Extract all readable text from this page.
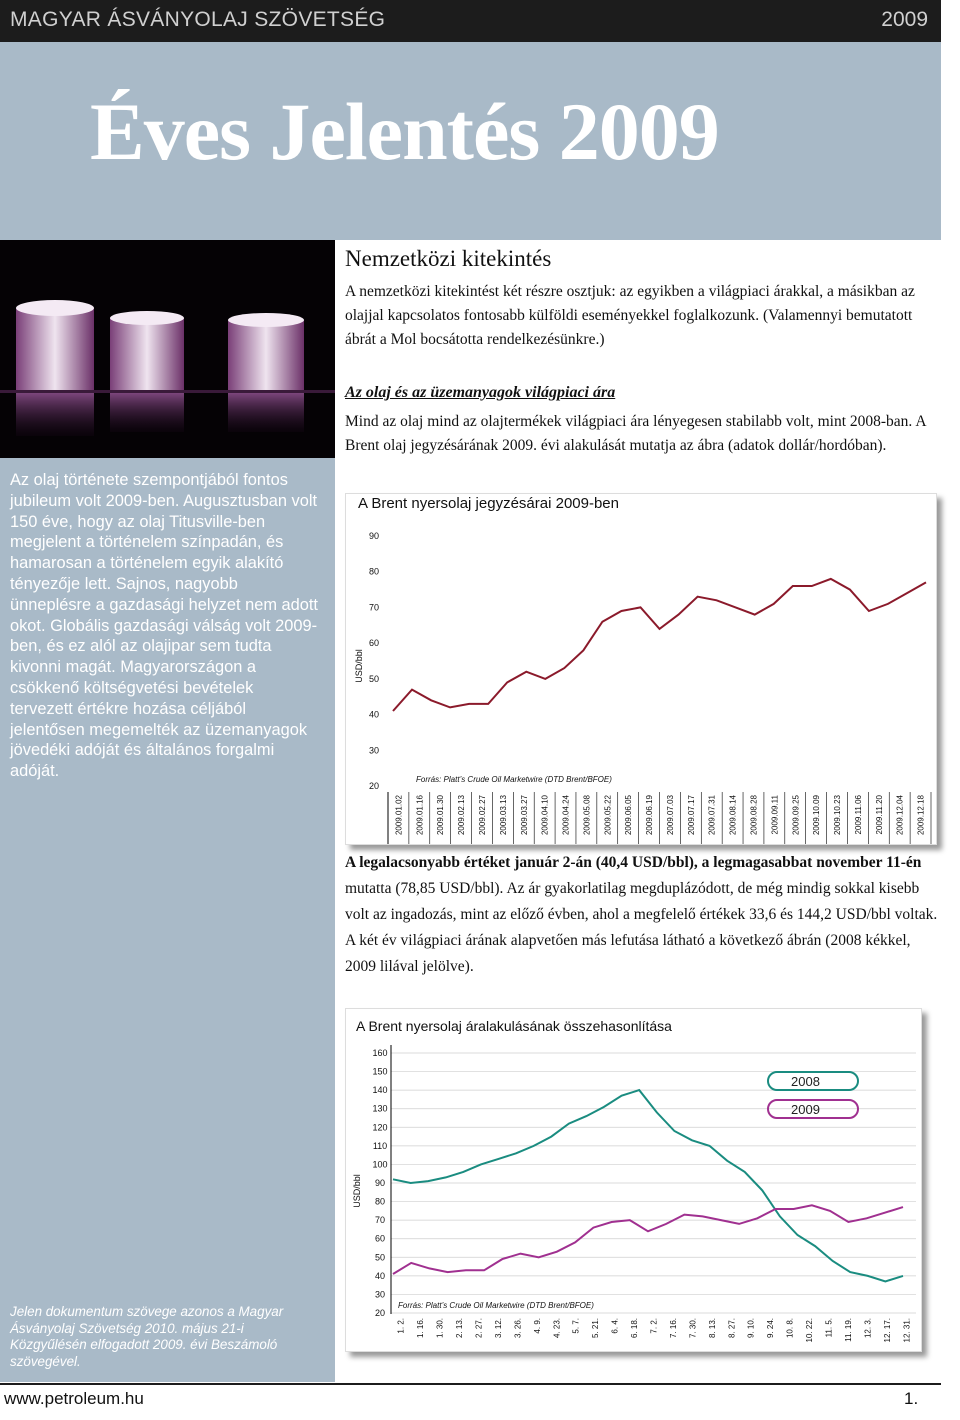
MAGYAR ÁSVÁNYOLAJ SZÖVETSÉG	2009
Éves Jelentés 2009
Az olaj története szempontjából fontos jubileum volt 2009-ben. Augusztusban volt 150 éve, hogy az olaj Titusville-ben megjelent a történelem színpadán, és hamarosan a történelem egyik alakító tényezője lett. Sajnos, nagyobb ünneplésre a gazdasági helyzet nem adott okot. Globális gazdasági válság volt 2009-ben, és ez alól az olajipar sem tudta kivonni magát. Magyarországon a csökkenő költségvetési bevételek tervezett értékre hozása céljából jelentősen megemelték az üzemanyagok jövedéki adóját és általános forgalmi adóját.
Jelen dokumentum szövege azonos a Magyar Ásványolaj Szövetség 2010. május 21-i Közgyűlésén elfogadott 2009. évi Beszámoló szövegével.
Nemzetközi kitekintés
A nemzetközi kitekintést két részre osztjuk: az egyikben a világpiaci árakkal, a másikban az olajjal kapcsolatos fontosabb külföldi eseményekkel foglalkozunk. (Valamennyi bemutatott ábrát a Mol bocsátotta rendelkezésünkre.)
Az olaj és az üzemanyagok világpiaci ára
Mind az olaj mind az olajtermékek világpiaci ára lényegesen stabilabb volt, mint 2008-ban. A Brent olaj jegyzésárának 2009. évi alakulását mutatja az ábra (adatok dollár/hordóban).
A Brent nyersolaj jegyzésárai 2009-ben
USD/bbl
Forrás: Platt’s Crude Oil Marketwire (DTD Brent/BFOE)
20
30
40
50
60
70
80
90
2009.01.02 2009.01.16 2009.01.30 2009.02.13 2009.02.27 2009.03.13 2009.03.27 2009.04.10 2009.04.24 2009.05.08 2009.05.22 2009.06.05 2009.06.19 2009.07.03 2009.07.17 2009.07.31 2009.08.14 2009.08.28 2009.09.11 2009.09.25 2009.10.09 2009.10.23 2009.11.06 2009.11.20 2009.12.04 2009.12.18
A legalacsonyabb értéket január 2-án (40,4 USD/bbl), a legmagasabbat november 11-én mutatta (78,85 USD/bbl). Az ár gyakorlatilag megduplázódott, de még mindig sokkal kisebb volt az ingadozás, mint az előző évben, ahol a megfelelő értékek 33,6 és 144,2 USD/bbl voltak. A két év világpiaci árának alapvetően más lefutása látható a következő ábrán (2008 kékkel, 2009 lilával jelölve).
A Brent nyersolaj áralakulásának összehasonlítása
USD/bbl
Forrás: Platt’s Crude Oil Marketwire (DTD Brent/BFOE)
20
30
40
50
60
70
80
90
100
110
120
130
140
150
160
1. 2. 1. 16. 1. 30. 2. 13. 2. 27. 3. 12. 3. 26. 4. 9. 4. 23. 5. 7. 5. 21. 6. 4. 6. 18. 7. 2. 7. 16. 7. 30. 8. 13. 8. 27. 9. 10. 9. 24. 10. 8. 10. 22. 11. 5. 11. 19. 12. 3. 12. 17. 12. 31.
2008
2009
www.petroleum.hu	1.
